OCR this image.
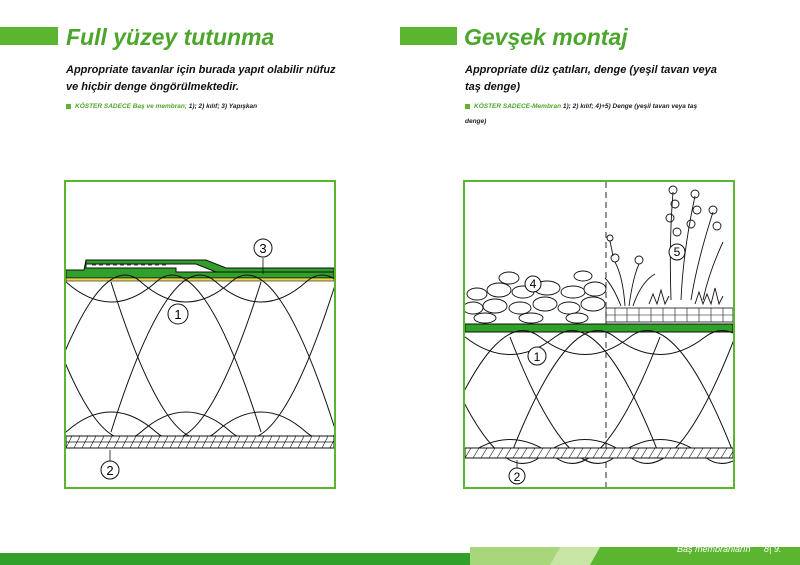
Full yüzey tutunma	Gevşek montaj
Appropriate tavanlar için burada yapıt olabilir nüfuz
ve hiçbir denge öngörülmektedir.
Appropriate düz çatıları, denge (yeşil tavan veya
taş denge)
KÖSTER SADECE Baş ve membran; 1); 2) kılıf; 3) Yapışkan	KÖSTER SADECE-Membran 1); 2) kılıf; 4)+5) Denge (yeşil tavan veya taş
denge)
1
2
3
1
2
4
5
Baş membranların 8| 9.
